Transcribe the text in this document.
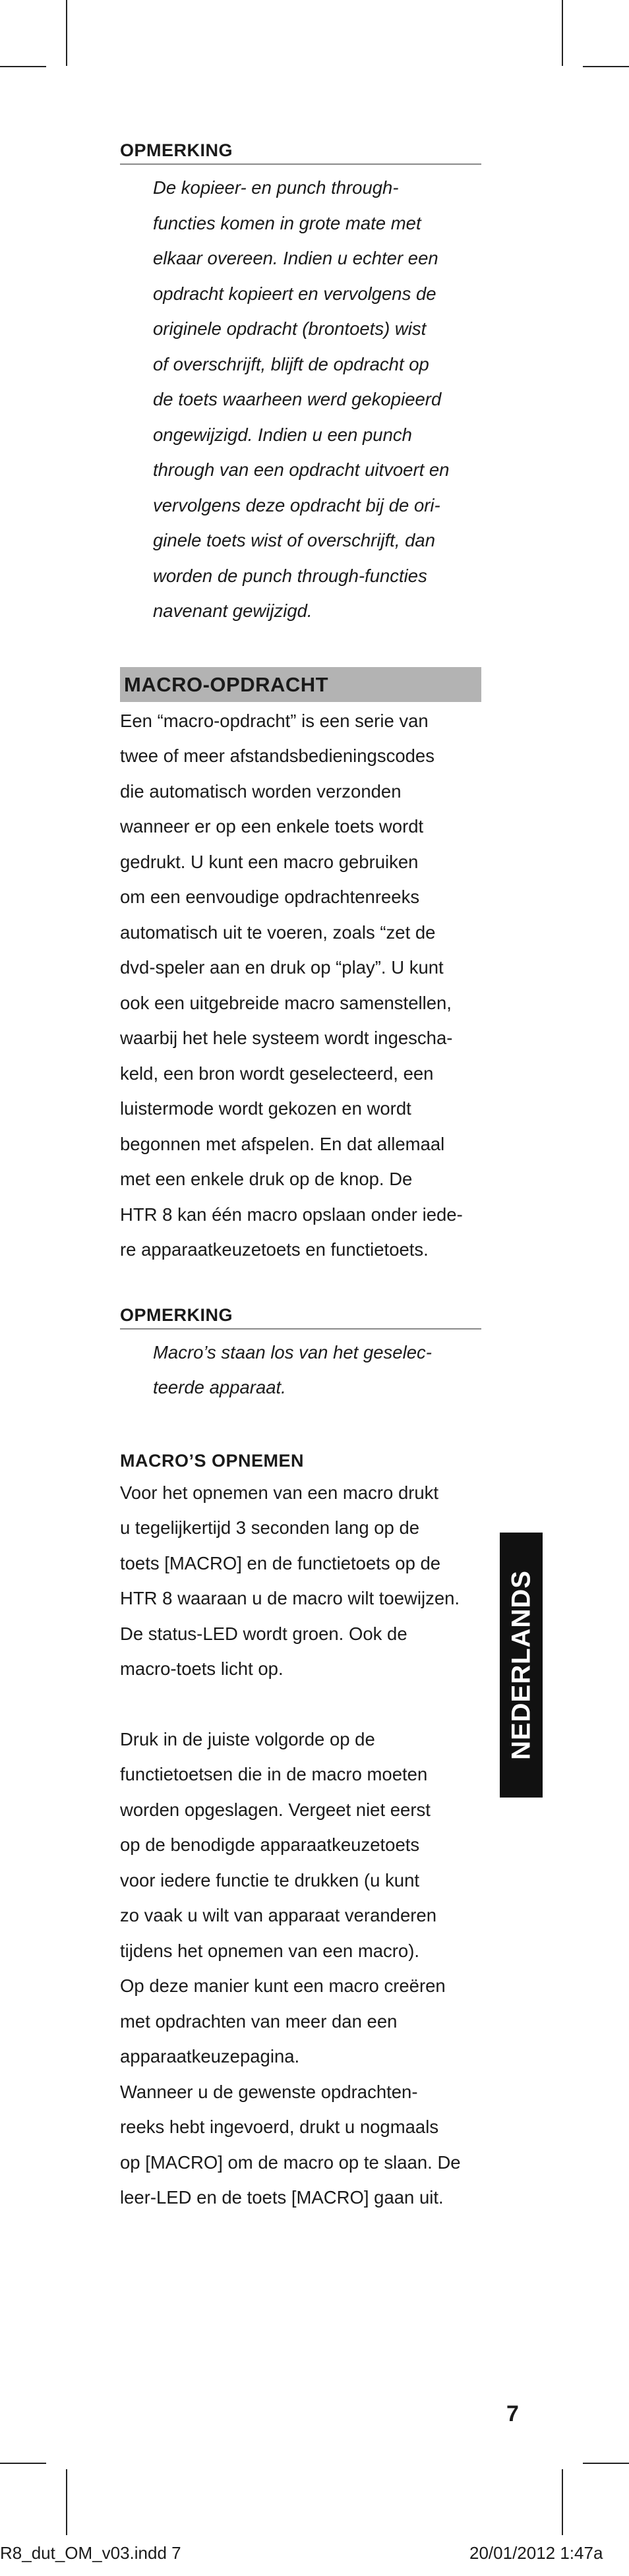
OPMERKING
De kopieer- en punch through-
functies komen in grote mate met
elkaar overeen. Indien u echter een
opdracht kopieert en vervolgens de
originele opdracht (brontoets) wist
of overschrijft, blijft de opdracht op
de toets waarheen werd gekopieerd
ongewijzigd. Indien u een punch
through van een opdracht uitvoert en
vervolgens deze opdracht bij de ori-
ginele toets wist of overschrijft, dan
worden de punch through-functies
navenant gewijzigd.
MACRO-OPDRACHT
Een “macro-opdracht” is een serie van
twee of meer afstandsbedieningscodes
die automatisch worden verzonden
wanneer er op een enkele toets wordt
gedrukt. U kunt een macro gebruiken
om een eenvoudige opdrachtenreeks
automatisch uit te voeren, zoals “zet de
dvd-speler aan en druk op “play”. U kunt
ook een uitgebreide macro samenstellen,
waarbij het hele systeem wordt ingescha-
keld, een bron wordt geselecteerd, een
luistermode wordt gekozen en wordt
begonnen met afspelen. En dat allemaal
met een enkele druk op de knop. De
HTR 8 kan één macro opslaan onder iede-
re apparaatkeuzetoets en functietoets.
OPMERKING
Macro’s staan los van het geselec-
teerde apparaat.
MACRO’S OPNEMEN
Voor het opnemen van een macro drukt
u tegelijkertijd 3 seconden lang op de
toets [MACRO] en de functietoets op de
HTR 8 waaraan u de macro wilt toewijzen.
De status-LED wordt groen. Ook de
macro-toets licht op.
Druk in de juiste volgorde op de
functietoetsen die in de macro moeten
worden opgeslagen. Vergeet niet eerst
op de benodigde apparaatkeuzetoets
voor iedere functie te drukken (u kunt
zo vaak u wilt van apparaat veranderen
tijdens het opnemen van een macro).
Op deze manier kunt een macro creëren
met opdrachten van meer dan een
apparaatkeuzepagina.
Wanneer u de gewenste opdrachten-
reeks hebt ingevoerd, drukt u nogmaals
op [MACRO] om de macro op te slaan. De
leer-LED en de toets [MACRO] gaan uit.
NEDERLANDS
7
R8_dut_OM_v03.indd 7	20/01/2012 1:47a
